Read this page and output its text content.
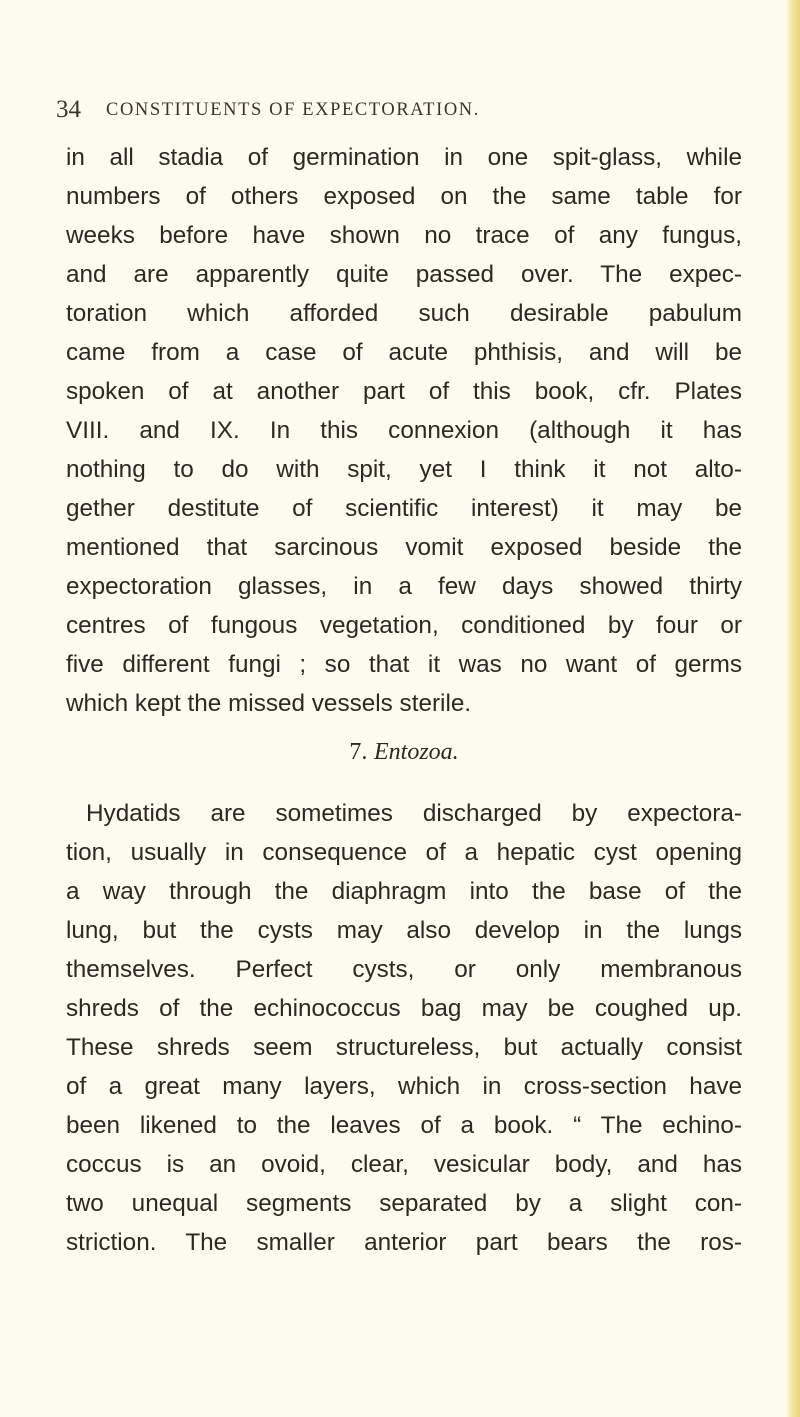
34 CONSTITUENTS OF EXPECTORATION.
in all stadia of germination in one spit-glass, while
numbers of others exposed on the same table for
weeks before have shown no trace of any fungus,
and are apparently quite passed over. The expec-
toration which afforded such desirable pabulum
came from a case of acute phthisis, and will be
spoken of at another part of this book, cfr. Plates
VIII. and IX. In this connexion (although it has
nothing to do with spit, yet I think it not alto-
gether destitute of scientific interest) it may be
mentioned that sarcinous vomit exposed beside the
expectoration glasses, in a few days showed thirty
centres of fungous vegetation, conditioned by four or
five different fungi ; so that it was no want of germs
which kept the missed vessels sterile.
7. Entozoa.
Hydatids are sometimes discharged by expectora-
tion, usually in consequence of a hepatic cyst opening
a way through the diaphragm into the base of the
lung, but the cysts may also develop in the lungs
themselves. Perfect cysts, or only membranous
shreds of the echinococcus bag may be coughed up.
These shreds seem structureless, but actually consist
of a great many layers, which in cross-section have
been likened to the leaves of a book. “ The echino-
coccus is an ovoid, clear, vesicular body, and has
two unequal segments separated by a slight con-
striction. The smaller anterior part bears the ros-
